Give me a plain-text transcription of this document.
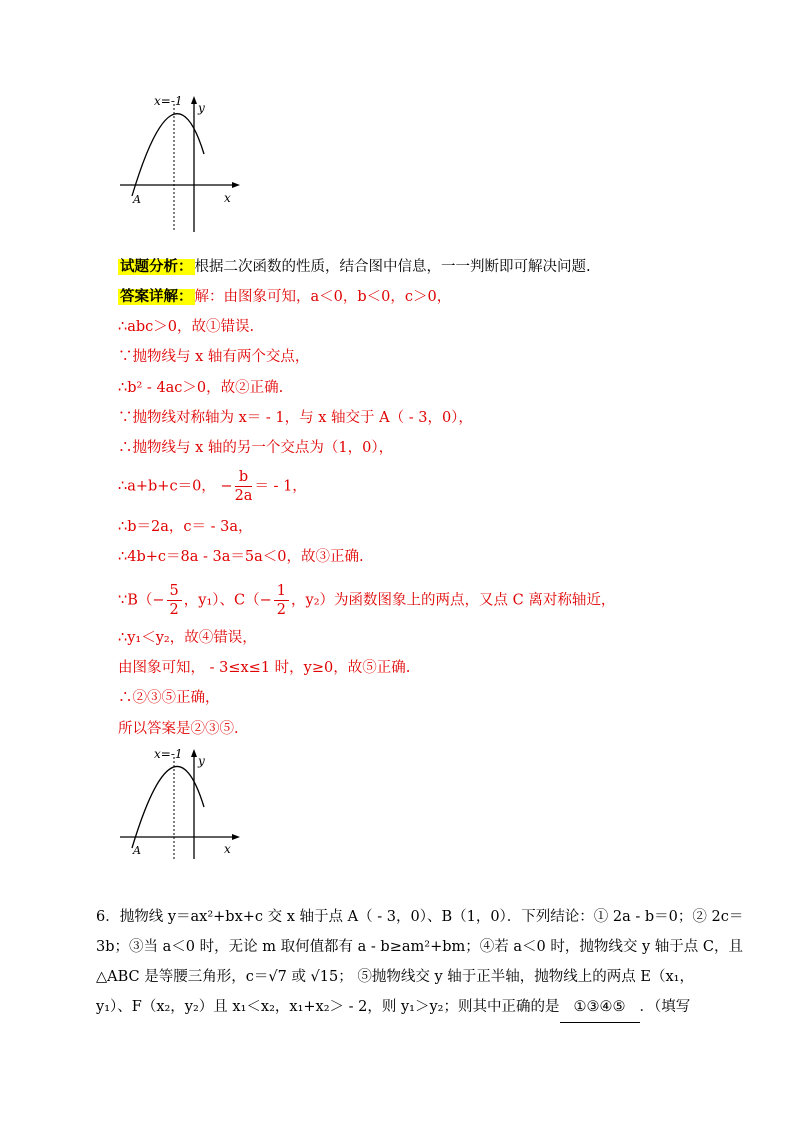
x=-1 y
x
A
试题分析： 根据二次函数的性质，结合图中信息，一一判断即可解决问题.
答案详解： 解：由图象可知，a＜0，b＜0，c＞0，
∴abc＞0，故①错误.
∵抛物线与 x 轴有两个交点，
∴b² - 4ac＞0，故②正确.
∵抛物线对称轴为 x＝ - 1，与 x 轴交于 A（ - 3，0），
∴抛物线与 x 轴的另一个交点为（1，0），
∴a+b+c＝0， − $\frac{b}{2a}$ ＝ - 1，
∴b＝2a，c＝ - 3a，
∴4b+c＝8a - 3a＝5a＜0，故③正确.
∵B（− $\frac{5}{2}$ ，y₁）、$C(- \frac{1}{2}$ ，y₂）为函数图象上的两点，又点 C 离对称轴近，
∴y₁＜y₂，故④错误，
由图象可知， - 3≤x≤1 时，y≥0，故⑤正确.
∴②③⑤正确，
所以答案是②③⑤.
x=-1 y
x
A

6．抛物线 y＝ax²+bx+c 交 x 轴于点 A（ - 3，0）、B（1，0）．下列结论：① 2a - b＝0；② 2c＝

3b；③当 a＜0 时，无论 m 取何值都有 a - b≥am²+bm；④若 a＜0 时，抛物线交 y 轴于点 C，且

△ABC 是等腰三角形，c＝√7 或 √15； ⑤抛物线交 y 轴于正半轴，抛物线上的两点 E（x₁，

y₁）、F（x₂，y₂）且 x₁＜x₂，x₁+x₂＞ - 2，则 y₁＞y₂；则其中正确的是 ①③④⑤ ．（填写
